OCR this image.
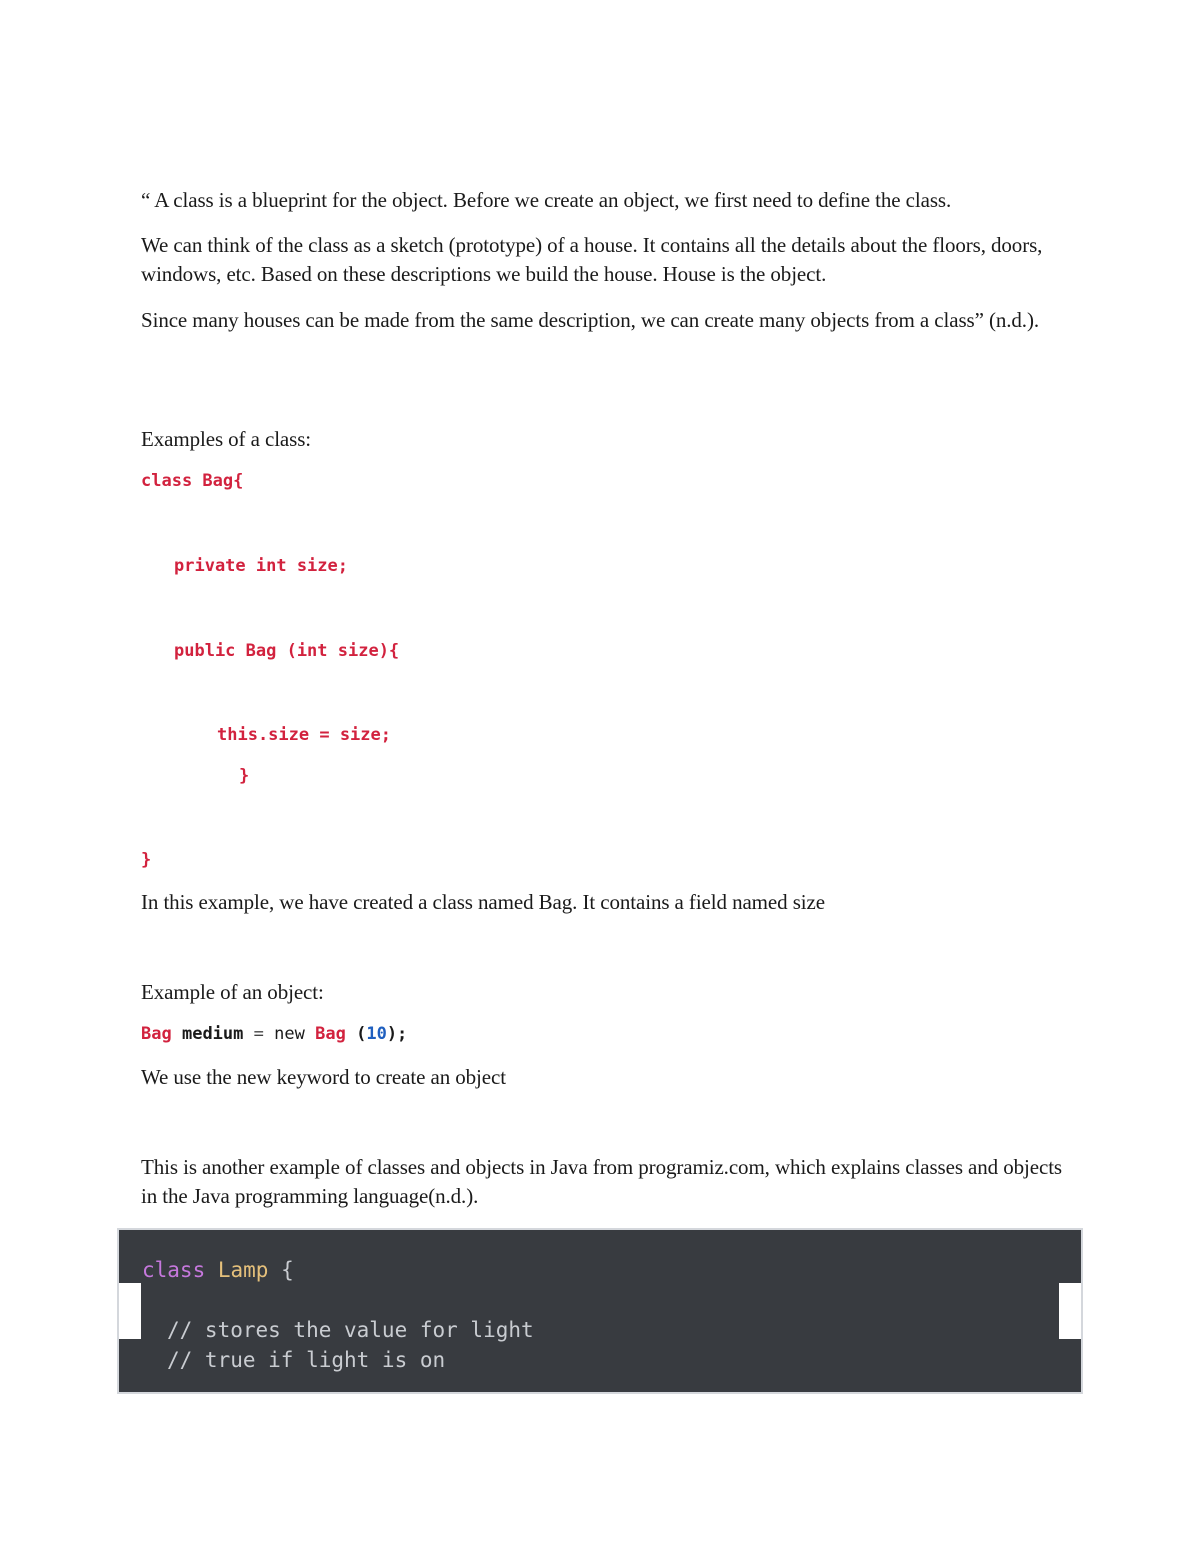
“ A class is a blueprint for the object. Before we create an object, we first need to define the class.

We can think of the class as a sketch (prototype) of a house. It contains all the details about the floors, doors, windows, etc. Based on these descriptions we build the house. House is the object.

Since many houses can be made from the same description, we can create many objects from a class” (n.d.).

Examples of a class:

class Bag{
private int size;
public Bag (int size){
this.size = size;
}
}

In this example, we have created a class named Bag. It contains a field named size

Example of an object:

Bag medium = new Bag (10);

We use the new keyword to create an object

This is another example of classes and objects in Java from programiz.com, which explains classes and objects in the Java programming language(n.d.).

class Lamp {
// stores the value for light
// true if light is on
